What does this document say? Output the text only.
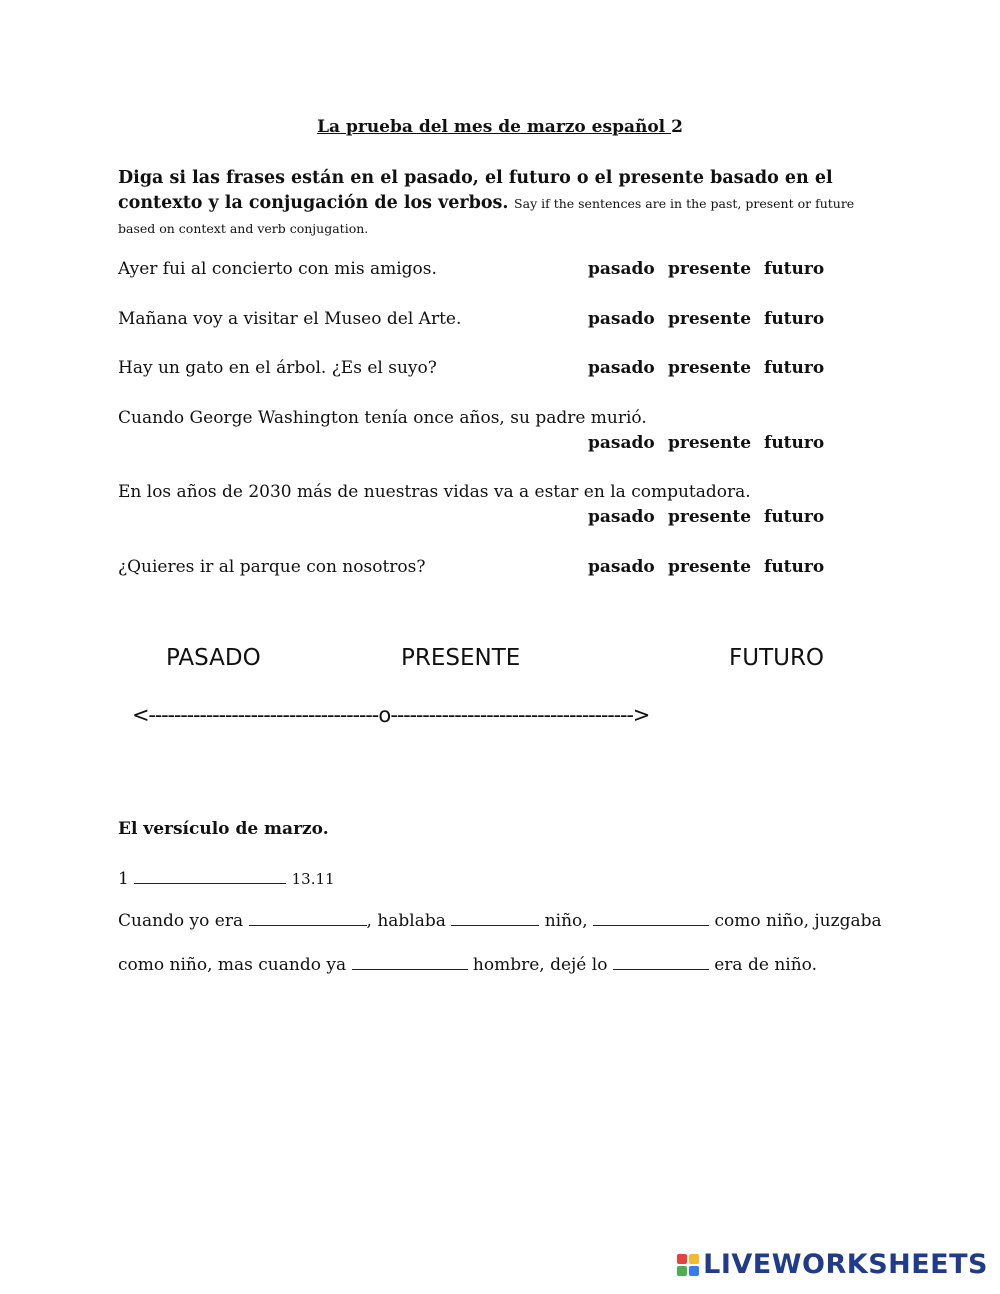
La prueba del mes de marzo español 2
Diga si las frases están en el pasado, el futuro o el presente basado en el contexto y la conjugación de los verbos. Say if the sentences are in the past, present or future based on context and verb conjugation.
Ayer fui al concierto con mis amigos.	pasado presente futuro
Mañana voy a visitar el Museo del Arte.	pasado presente futuro
Hay un gato en el árbol. ¿Es el suyo?	pasado presente futuro
Cuando George Washington tenía once años, su padre murió.
pasado presente futuro
En los años de 2030 más de nuestras vidas va a estar en la computadora.
pasado presente futuro
¿Quieres ir al parque con nosotros?	pasado presente futuro
PASADO	PRESENTE	FUTURO
<------------------------------------o-------------------------------------->
El versículo de marzo.
1	13.11
Cuando yo era	, hablaba	niño,	como niño, juzgaba
como niño, mas cuando ya	hombre, dejé lo	era de niño.
LIVEWORKSHEETS
